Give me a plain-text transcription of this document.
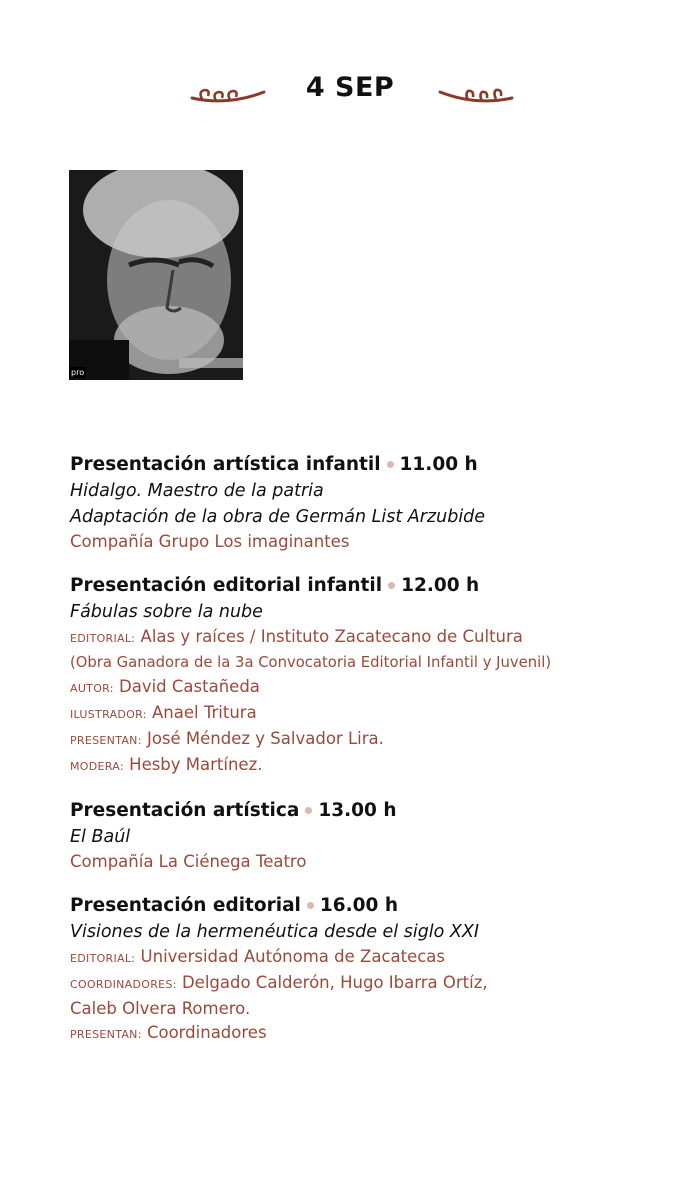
4 SEP
pro
Presentación artística infantil 11.00 h
Hidalgo. Maestro de la patria
Adaptación de la obra de Germán List Arzubide
Compañía Grupo Los imaginantes
Presentación editorial infantil 12.00 h
Fábulas sobre la nube
EDITORIAL: Alas y raíces / Instituto Zacatecano de Cultura
(Obra Ganadora de la 3a Convocatoria Editorial Infantil y Juvenil)
AUTOR: David Castañeda
ILUSTRADOR: Anael Tritura
PRESENTAN: José Méndez y Salvador Lira.
MODERA: Hesby Martínez.
Presentación artística 13.00 h
El Baúl
Compañía La Ciénega Teatro
Presentación editorial 16.00 h
Visiones de la hermenéutica desde el siglo XXI
EDITORIAL: Universidad Autónoma de Zacatecas
COORDINADORES: Delgado Calderón, Hugo Ibarra Ortíz,
Caleb Olvera Romero.
PRESENTAN: Coordinadores
